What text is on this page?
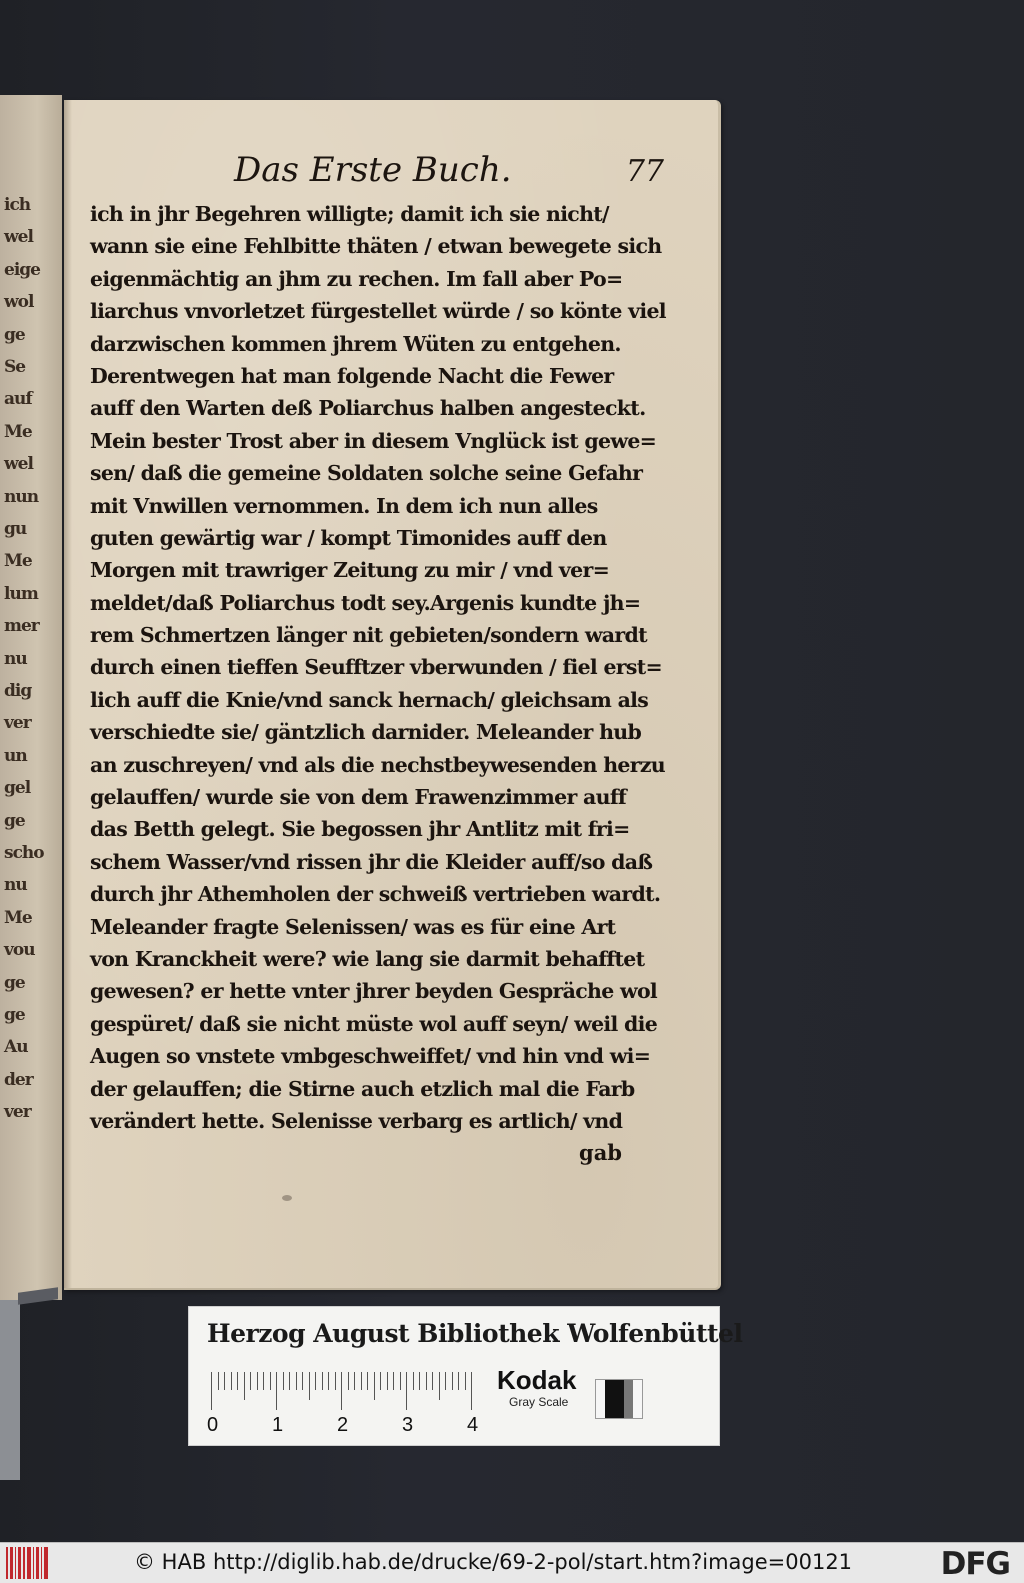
ich
wel
eige
wol
ge
Se
auf
Me
wel
nun
gu
Me
lum
mer
nu
dig
ver
un
gel
ge
scho
nu
Me
vou
ge
ge
Au
der
ver
Das Erste Buch.	77
ich in jhr Begehren willigte; damit ich sie nicht/
wann sie eine Fehlbitte thäten / etwan bewegete sich
eigenmächtig an jhm zu rechen. Im fall aber Po=
liarchus vnvorletzet fürgestellet würde / so könte viel
darzwischen kommen jhrem Wüten zu entgehen.
Derentwegen hat man folgende Nacht die Fewer
auff den Warten deß Poliarchus halben angesteckt.
Mein bester Trost aber in diesem Vnglück ist gewe=
sen/ daß die gemeine Soldaten solche seine Gefahr
mit Vnwillen vernommen. In dem ich nun alles
guten gewärtig war / kompt Timonides auff den
Morgen mit trawriger Zeitung zu mir / vnd ver=
meldet/daß Poliarchus todt sey.Argenis kundte jh=
rem Schmertzen länger nit gebieten/sondern wardt
durch einen tieffen Seufftzer vberwunden / fiel erst=
lich auff die Knie/vnd sanck hernach/ gleichsam als
verschiedte sie/ gäntzlich darnider. Meleander hub
an zuschreyen/ vnd als die nechstbeywesenden herzu
gelauffen/ wurde sie von dem Frawenzimmer auff
das Betth gelegt. Sie begossen jhr Antlitz mit fri=
schem Wasser/vnd rissen jhr die Kleider auff/so daß
durch jhr Athemholen der schweiß vertrieben wardt.
Meleander fragte Selenissen/ was es für eine Art
von Kranckheit were? wie lang sie darmit behafftet
gewesen? er hette vnter jhrer beyden Gespräche wol
gespüret/ daß sie nicht müste wol auff seyn/ weil die
Augen so vnstete vmbgeschweiffet/ vnd hin vnd wi=
der gelauffen; die Stirne auch etzlich mal die Farb
verändert hette. Selenisse verbarg es artlich/ vnd
gab
Herzog August Bibliothek Wolfenbüttel
0	1	2	3	4
Kodak
Gray Scale
© HAB http://diglib.hab.de/drucke/69-2-pol/start.htm?image=00121	DFG
